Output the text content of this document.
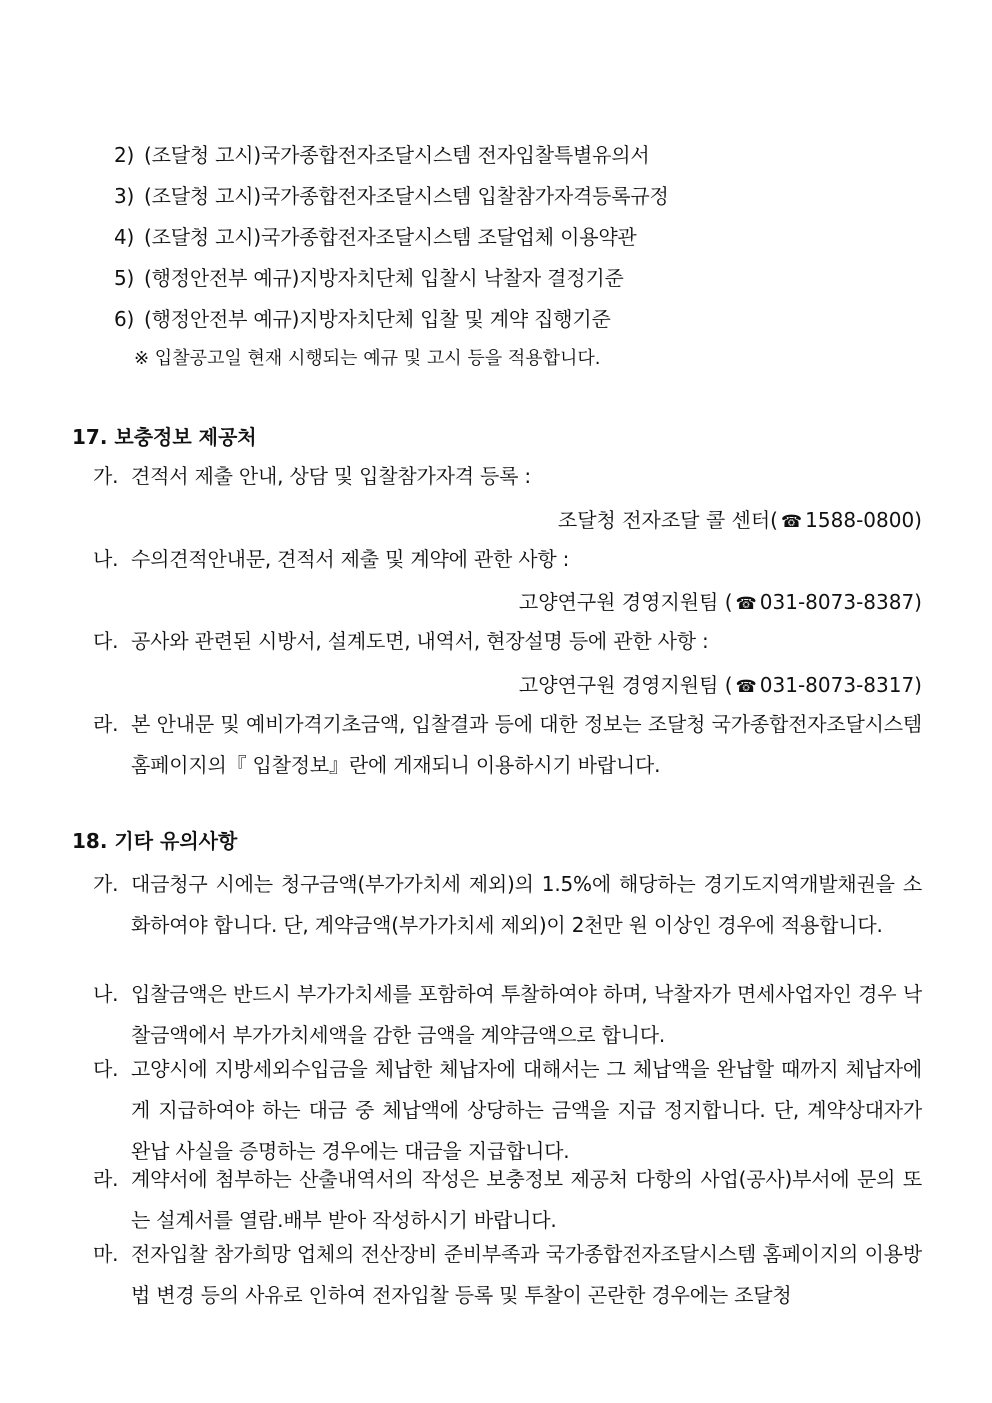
2) (조달청 고시)국가종합전자조달시스템 전자입찰특별유의서
3) (조달청 고시)국가종합전자조달시스템 입찰참가자격등록규정
4) (조달청 고시)국가종합전자조달시스템 조달업체 이용약관
5) (행정안전부 예규)지방자치단체 입찰시 낙찰자 결정기준
6) (행정안전부 예규)지방자치단체 입찰 및 계약 집행기준
※ 입찰공고일 현재 시행되는 예규 및 고시 등을 적용합니다.
17. 보충정보 제공처
가. 견적서 제출 안내, 상담 및 입찰참가자격 등록 :
조달청 전자조달 콜 센터( ☎ 1588-0800)
나. 수의견적안내문, 견적서 제출 및 계약에 관한 사항 :
고양연구원 경영지원팀 ( ☎ 031-8073-8387)
다. 공사와 관련된 시방서, 설계도면, 내역서, 현장설명 등에 관한 사항 :
고양연구원 경영지원팀 ( ☎ 031-8073-8317)
라. 본 안내문 및 예비가격기초금액, 입찰결과 등에 대한 정보는 조달청 국가종합전자조달시스템 홈페이지의『 입찰정보』란에 게재되니 이용하시기 바랍니다.
18. 기타 유의사항
가. 대금청구 시에는 청구금액(부가가치세 제외)의 1.5%에 해당하는 경기도지역개발채권을 소화하여야 합니다. 단, 계약금액(부가가치세 제외)이 2천만 원 이상인 경우에 적용합니다.
나. 입찰금액은 반드시 부가가치세를 포함하여 투찰하여야 하며, 낙찰자가 면세사업자인 경우 낙찰금액에서 부가가치세액을 감한 금액을 계약금액으로 합니다.
다. 고양시에 지방세외수입금을 체납한 체납자에 대해서는 그 체납액을 완납할 때까지 체납자에게 지급하여야 하는 대금 중 체납액에 상당하는 금액을 지급 정지합니다. 단, 계약상대자가 완납 사실을 증명하는 경우에는 대금을 지급합니다.
라. 계약서에 첨부하는 산출내역서의 작성은 보충정보 제공처 다항의 사업(공사)부서에 문의 또는 설계서를 열람.배부 받아 작성하시기 바랍니다.
마. 전자입찰 참가희망 업체의 전산장비 준비부족과 국가종합전자조달시스템 홈페이지의 이용방법 변경 등의 사유로 인하여 전자입찰 등록 및 투찰이 곤란한 경우에는 조달청
